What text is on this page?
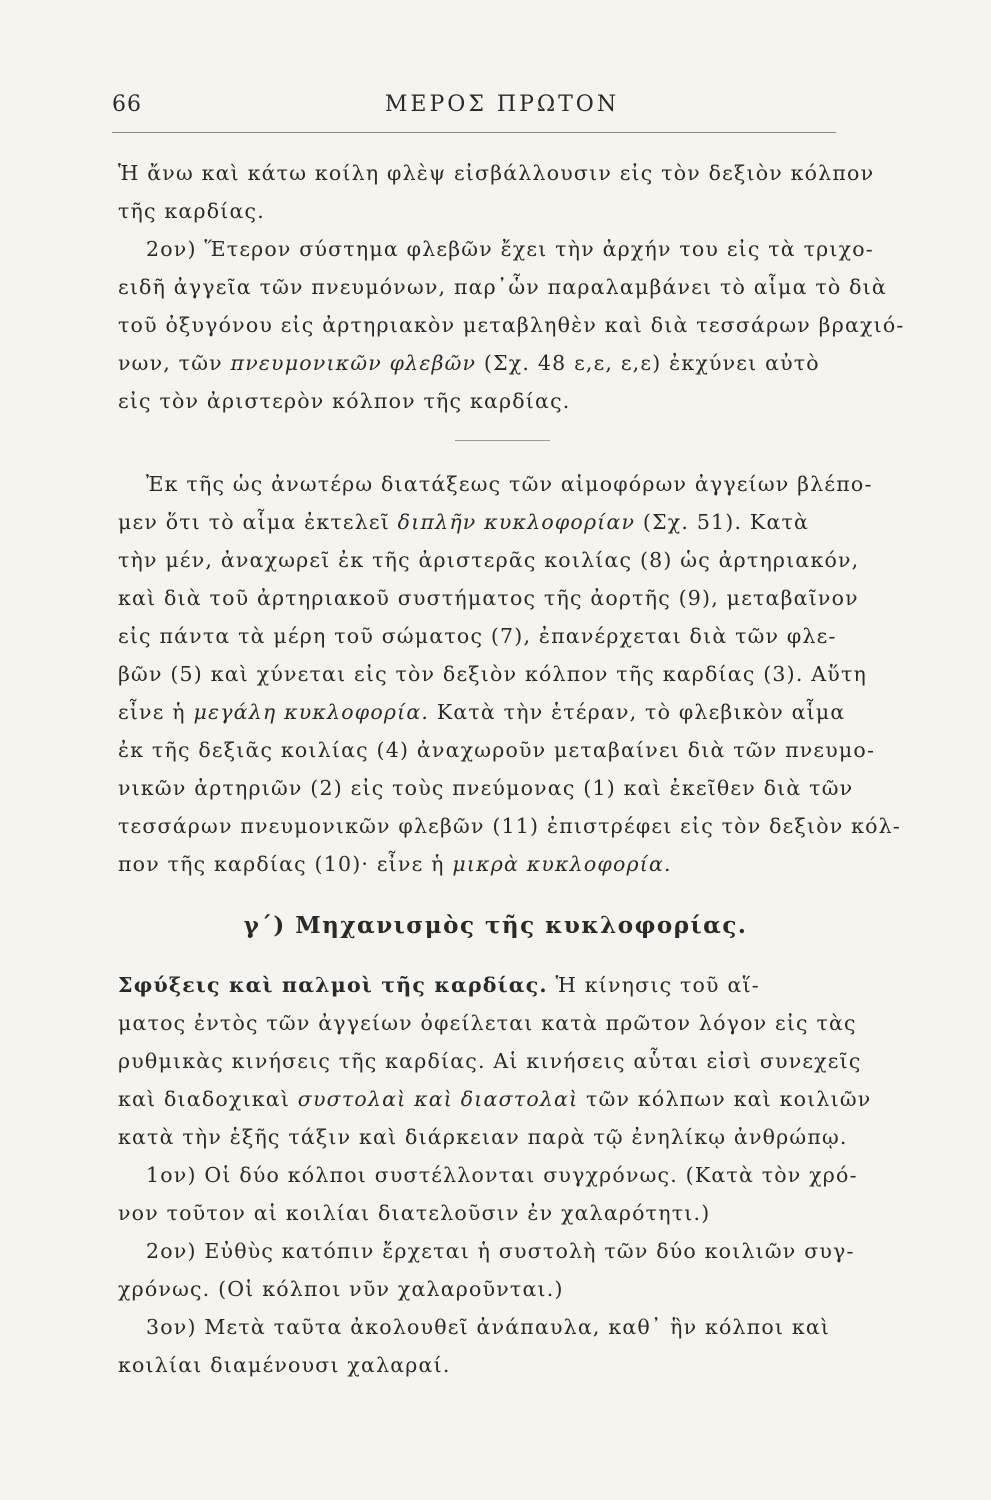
66	ΜΕΡΟΣ ΠΡΩΤΟΝ
Ἡ ἄνω καὶ κάτω κοίλη φλὲψ εἰσβάλλουσιν εἰς τὸν δεξιὸν κόλπον
τῆς καρδίας.
2ον) Ἕτερον σύστημα φλεβῶν ἔχει τὴν ἀρχήν του εἰς τὰ τριχο-
ειδῆ ἀγγεῖα τῶν πνευμόνων, παρ᾽ὧν παραλαμβάνει τὸ αἷμα τὸ διὰ
τοῦ ὀξυγόνου εἰς ἀρτηριακὸν μεταβληθὲν καὶ διὰ τεσσάρων βραχιό-
νων, τῶν πνευμονικῶν φλεβῶν (Σχ. 48 ε,ε, ε,ε) ἐκχύνει αὐτὸ
εἰς τὸν ἀριστερὸν κόλπον τῆς καρδίας.
Ἐκ τῆς ὡς ἀνωτέρω διατάξεως τῶν αἱμοφόρων ἀγγείων βλέπο-
μεν ὅτι τὸ αἷμα ἐκτελεῖ διπλῆν κυκλοφορίαν (Σχ. 51). Κατὰ
τὴν μέν, ἀναχωρεῖ ἐκ τῆς ἀριστερᾶς κοιλίας (8) ὡς ἀρτηριακόν,
καὶ διὰ τοῦ ἀρτηριακοῦ συστήματος τῆς ἀορτῆς (9), μεταβαῖνον
εἰς πάντα τὰ μέρη τοῦ σώματος (7), ἐπανέρχεται διὰ τῶν φλε-
βῶν (5) καὶ χύνεται εἰς τὸν δεξιὸν κόλπον τῆς καρδίας (3). Αὕτη
εἶνε ἡ μεγάλη κυκλοφορία. Κατὰ τὴν ἑτέραν, τὸ φλεβικὸν αἷμα
ἐκ τῆς δεξιᾶς κοιλίας (4) ἀναχωροῦν μεταβαίνει διὰ τῶν πνευμο-
νικῶν ἀρτηριῶν (2) εἰς τοὺς πνεύμονας (1) καὶ ἐκεῖθεν διὰ τῶν
τεσσάρων πνευμονικῶν φλεβῶν (11) ἐπιστρέφει εἰς τὸν δεξιὸν κόλ-
πον τῆς καρδίας (10)· εἶνε ἡ μικρὰ κυκλοφορία.
γ΄) Μηχανισμὸς τῆς κυκλοφορίας.
Σφύξεις καὶ παλμοὶ τῆς καρδίας. Ἡ κίνησις τοῦ αἵ-
ματος ἐντὸς τῶν ἀγγείων ὀφείλεται κατὰ πρῶτον λόγον εἰς τὰς
ρυθμικὰς κινήσεις τῆς καρδίας. Αἱ κινήσεις αὗται εἰσὶ συνεχεῖς
καὶ διαδοχικαὶ συστολαὶ καὶ διαστολαὶ τῶν κόλπων καὶ κοιλιῶν
κατὰ τὴν ἑξῆς τάξιν καὶ διάρκειαν παρὰ τῷ ἐνηλίκῳ ἀνθρώπῳ.
1ον) Οἱ δύο κόλποι συστέλλονται συγχρόνως. (Κατὰ τὸν χρό-
νον τοῦτον αἱ κοιλίαι διατελοῦσιν ἐν χαλαρότητι.)
2ον) Εὐθὺς κατόπιν ἔρχεται ἡ συστολὴ τῶν δύο κοιλιῶν συγ-
χρόνως. (Οἱ κόλποι νῦν χαλαροῦνται.)
3ον) Μετὰ ταῦτα ἀκολουθεῖ ἀνάπαυλα, καθ᾽ ἣν κόλποι καὶ
κοιλίαι διαμένουσι χαλαραί.
